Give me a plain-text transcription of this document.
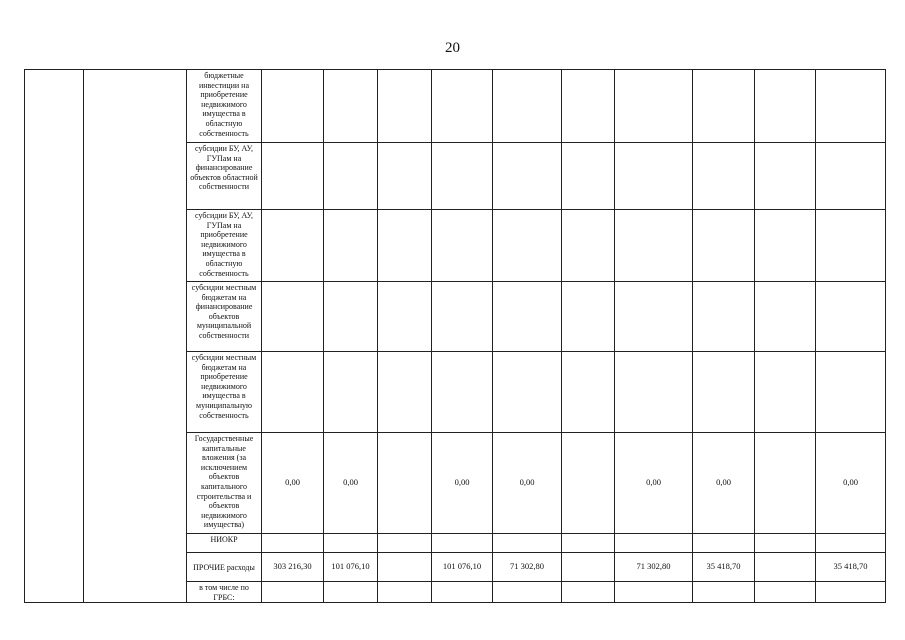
20
		бюджетные инвестиции на приобретение недвижимого имущества в областную собственность										
		субсидии БУ, АУ, ГУПам на финансирование объектов областной собственности										
		субсидии БУ, АУ, ГУПам на приобретение недвижимого имущества в областную собственность										
		субсидии местным бюджетам на финансирование объектов муниципальной собственности										
		субсидии местным бюджетам на приобретение недвижимого имущества в муниципальную собственность										
		Государственные капитальные вложения (за исключением объектов капитального строительства и объектов недвижимого имущества)	0,00	0,00		0,00	0,00		0,00	0,00		0,00
		НИОКР										
		ПРОЧИЕ расходы	303 216,30	101 076,10		101 076,10	71 302,80		71 302,80	35 418,70		35 418,70
		в том числе по ГРБС:										
